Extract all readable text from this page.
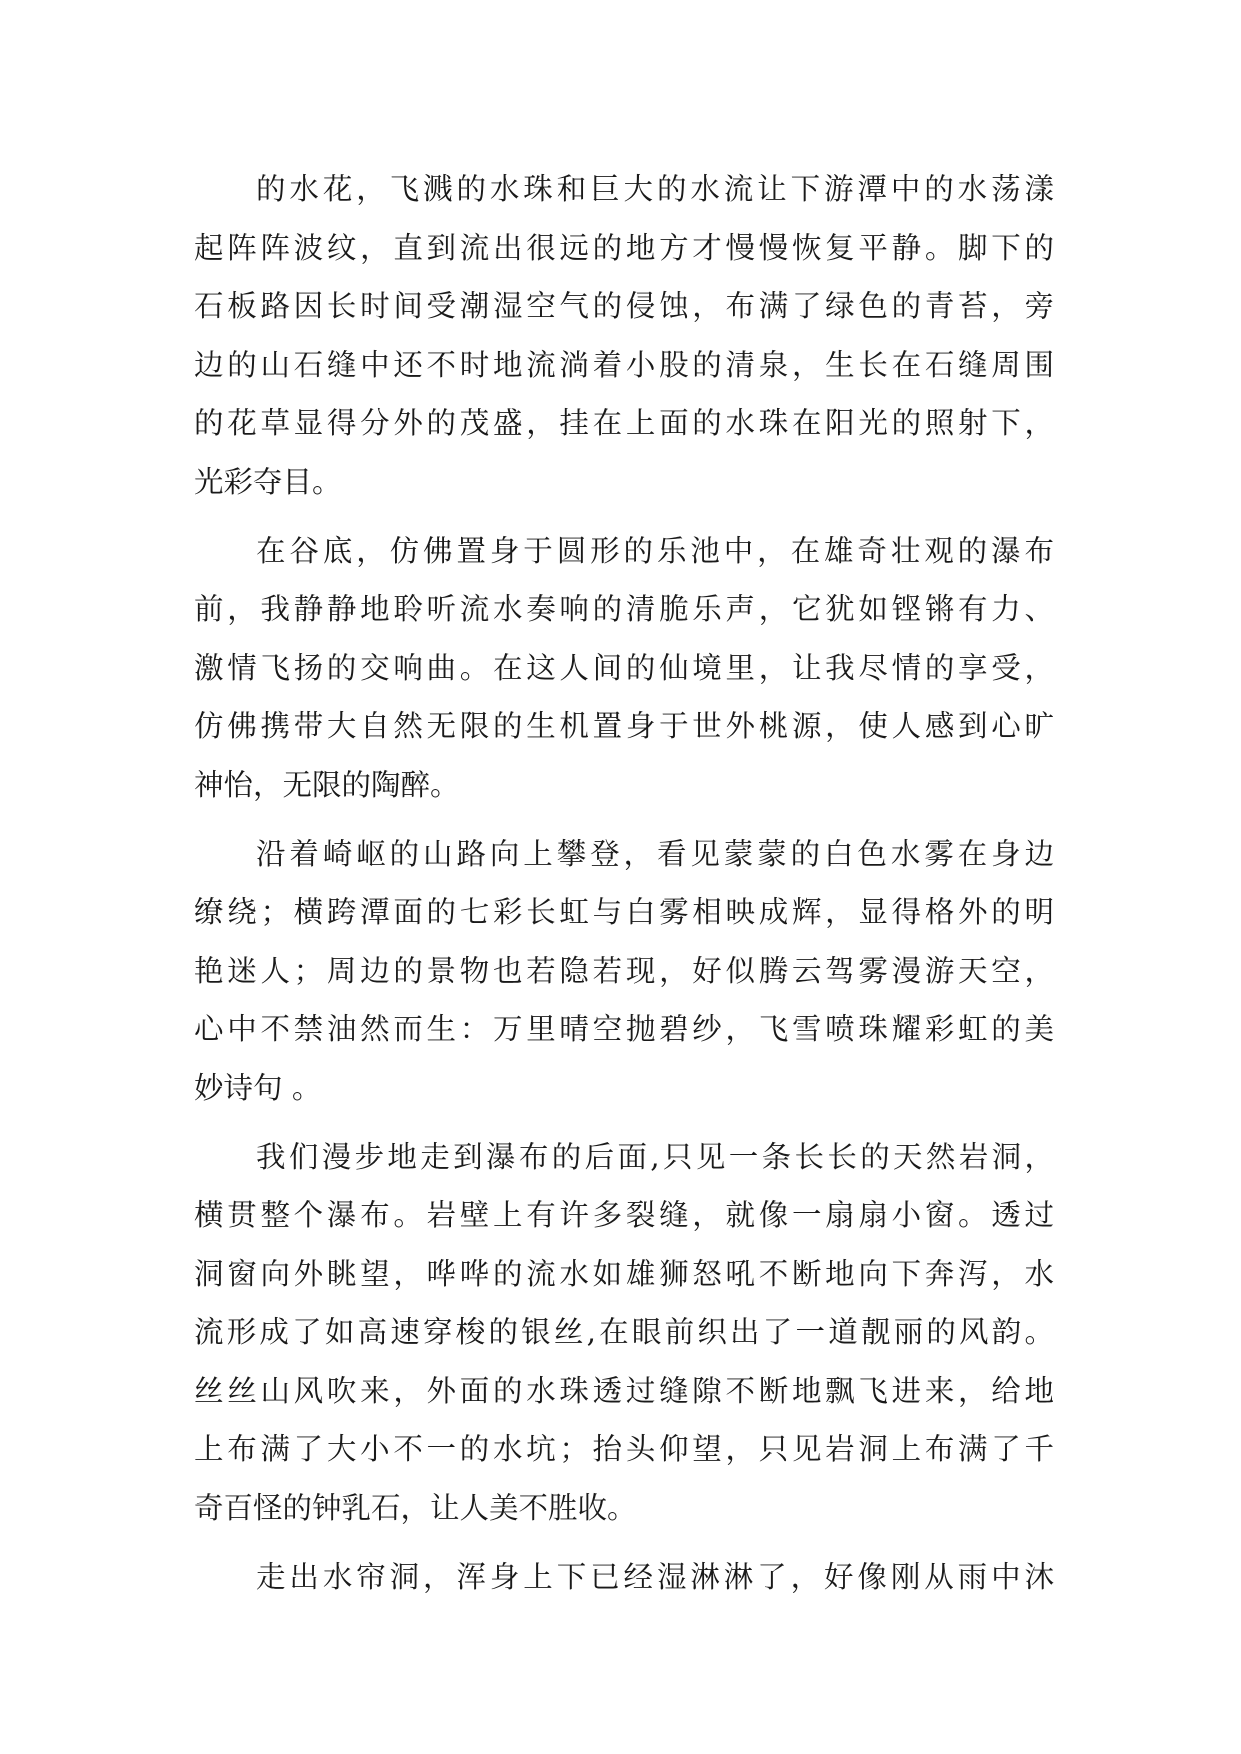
的水花，飞溅的水珠和巨大的水流让下游潭中的水荡漾
起阵阵波纹，直到流出很远的地方才慢慢恢复平静。脚下的
石板路因长时间受潮湿空气的侵蚀，布满了绿色的青苔，旁
边的山石缝中还不时地流淌着小股的清泉，生长在石缝周围
的花草显得分外的茂盛，挂在上面的水珠在阳光的照射下，
光彩夺目。
在谷底，仿佛置身于圆形的乐池中，在雄奇壮观的瀑布
前，我静静地聆听流水奏响的清脆乐声，它犹如铿锵有力、
激情飞扬的交响曲。在这人间的仙境里，让我尽情的享受，
仿佛携带大自然无限的生机置身于世外桃源，使人感到心旷
神怡，无限的陶醉。
沿着崎岖的山路向上攀登，看见蒙蒙的白色水雾在身边
缭绕；横跨潭面的七彩长虹与白雾相映成辉，显得格外的明
艳迷人；周边的景物也若隐若现，好似腾云驾雾漫游天空，
心中不禁油然而生：万里晴空抛碧纱，飞雪喷珠耀彩虹的美
妙诗句 。
我们漫步地走到瀑布的后面,只见一条长长的天然岩洞，
横贯整个瀑布。岩壁上有许多裂缝，就像一扇扇小窗。透过
洞窗向外眺望，哗哗的流水如雄狮怒吼不断地向下奔泻，水
流形成了如高速穿梭的银丝,在眼前织出了一道靓丽的风韵。
丝丝山风吹来，外面的水珠透过缝隙不断地飘飞进来，给地
上布满了大小不一的水坑；抬头仰望，只见岩洞上布满了千
奇百怪的钟乳石，让人美不胜收。
走出水帘洞，浑身上下已经湿淋淋了，好像刚从雨中沐
